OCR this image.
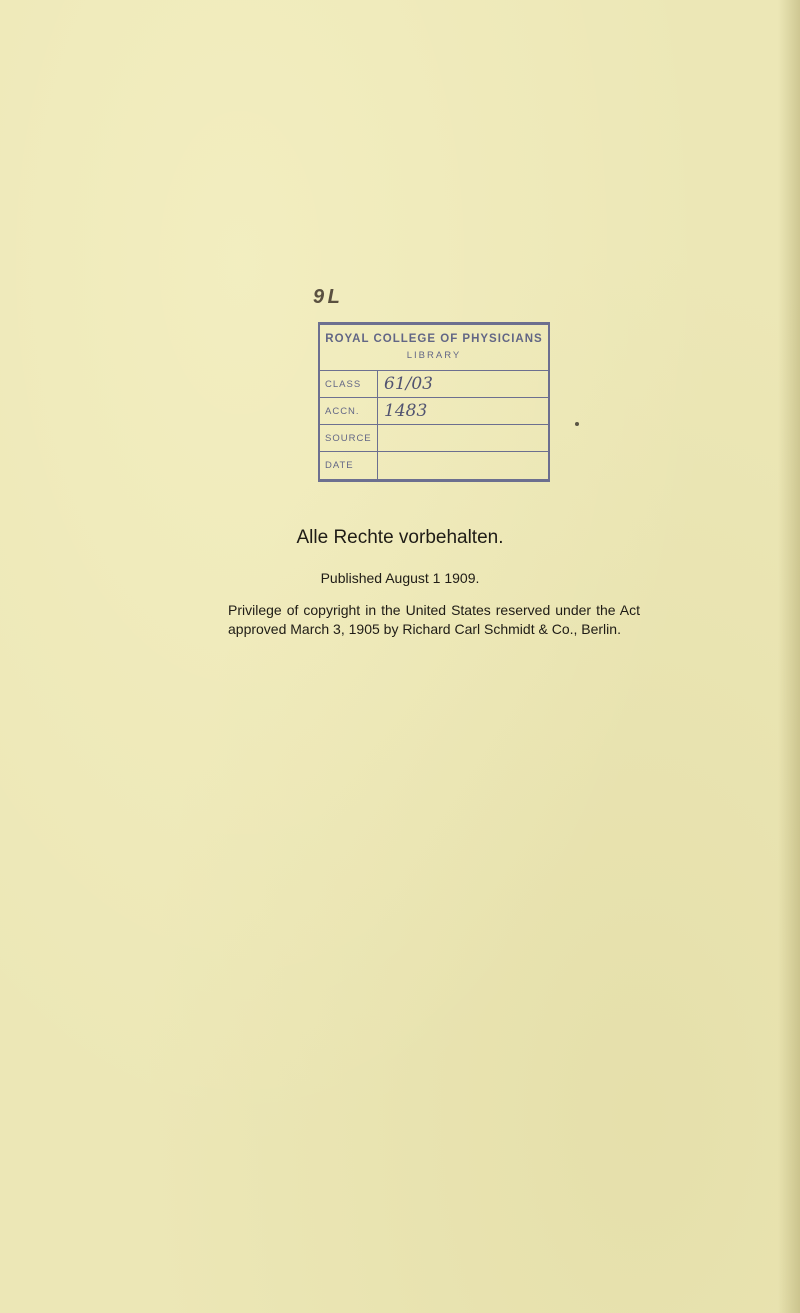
9 L
ROYAL COLLEGE OF PHYSICIANS
LIBRARY
CLASS	61/03
ACCN.	1483
SOURCE
DATE
Alle Rechte vorbehalten.
Published August 1 1909.
Privilege of copyright in the United States reserved under the Act
approved March 3, 1905 by Richard Carl Schmidt & Co., Berlin.
